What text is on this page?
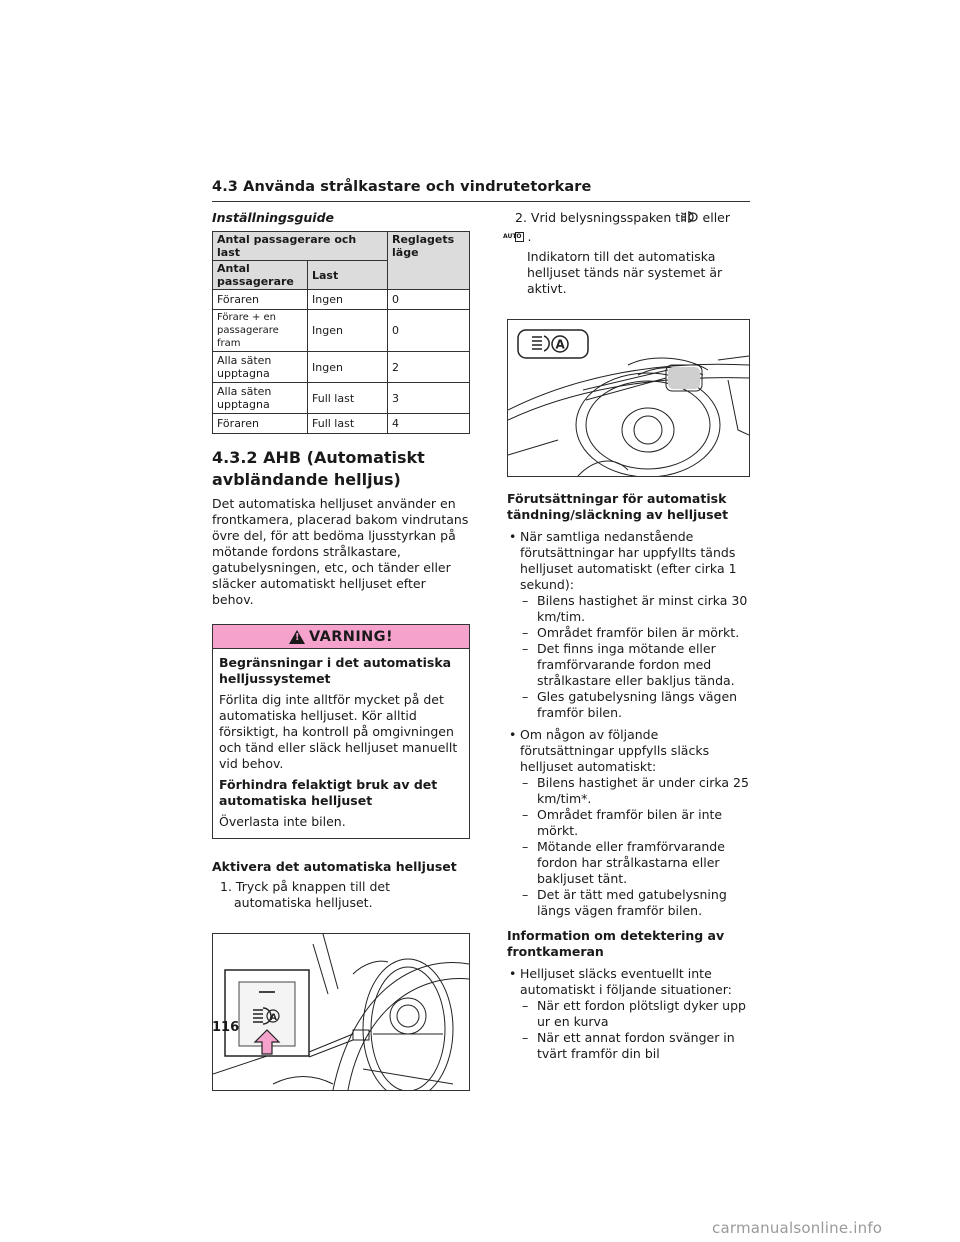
4.3 Använda strålkastare och vindrutetorkare
Inställningsguide
Antal passagerare och last		Reglagets läge
Antal passagerare	Last	
Föraren	Ingen	0
Förare + en passagerare fram	Ingen	0
Alla säten upptagna	Ingen	2
Alla säten upptagna	Full last	3
Föraren	Full last	4
4.3.2 AHB (Automatiskt avbländande helljus)

Det automatiska helljuset använder en frontkamera, placerad bakom vindrutans övre del, för att bedöma ljusstyrkan på mötande fordons strålkastare, gatubelysningen, etc, och tänder eller släcker automatiskt helljuset efter behov.

! VARNING!

Begränsningar i det automatiska helljussystemet

Förlita dig inte alltför mycket på det automatiska helljuset. Kör alltid försiktigt, ha kontroll på omgivningen och tänd eller släck helljuset manuellt vid behov.

Förhindra felaktigt bruk av det automatiska helljuset

Överlasta inte bilen.

Aktivera det automatiska helljuset
1. Tryck på knappen till det automatiska helljuset.
A
2. Vrid belysningsspaken till eller
AUTO .
Indikatorn till det automatiska helljuset tänds när systemet är aktivt.
A
Förutsättningar för automatisk tändning/släckning av helljuset
• När samtliga nedanstående förutsättningar har uppfyllts tänds helljuset automatiskt (efter cirka 1 sekund):
– Bilens hastighet är minst cirka 30 km/tim.
– Området framför bilen är mörkt.
– Det finns inga mötande eller framförvarande fordon med strålkastare eller bakljus tända.
– Gles gatubelysning längs vägen framför bilen.
• Om någon av följande förutsättningar uppfylls släcks helljuset automatiskt:
– Bilens hastighet är under cirka 25 km/tim*.
– Området framför bilen är inte mörkt.
– Mötande eller framförvarande fordon har strålkastarna eller bakljuset tänt.
– Det är tätt med gatubelysning längs vägen framför bilen.
Information om detektering av frontkameran
• Helljuset släcks eventuellt inte automatiskt i följande situationer:
– När ett fordon plötsligt dyker upp ur en kurva
– När ett annat fordon svänger in tvärt framför din bil
116
carmanualsonline.info
